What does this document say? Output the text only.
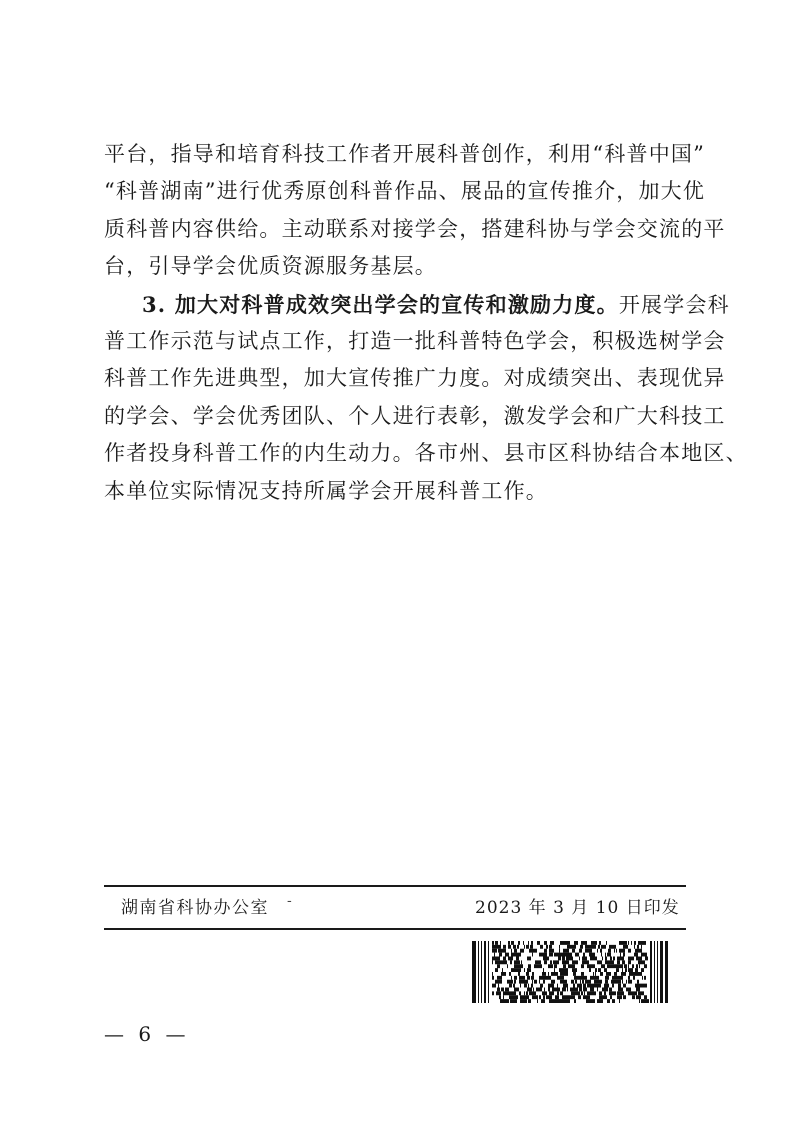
平台，指导和培育科技工作者开展科普创作，利用“科普中国”
“科普湖南”进行优秀原创科普作品、展品的宣传推介，加大优
质科普内容供给。主动联系对接学会，搭建科协与学会交流的平
台，引导学会优质资源服务基层。
3. 加大对科普成效突出学会的宣传和激励力度。开展学会科
普工作示范与试点工作，打造一批科普特色学会，积极选树学会
科普工作先进典型，加大宣传推广力度。对成绩突出、表现优异
的学会、学会优秀团队、个人进行表彰，激发学会和广大科技工
作者投身科普工作的内生动力。各市州、县市区科协结合本地区、
本单位实际情况支持所属学会开展科普工作。
湖南省科协办公室 -	2023 年 3 月 10 日印发
— 6 —
